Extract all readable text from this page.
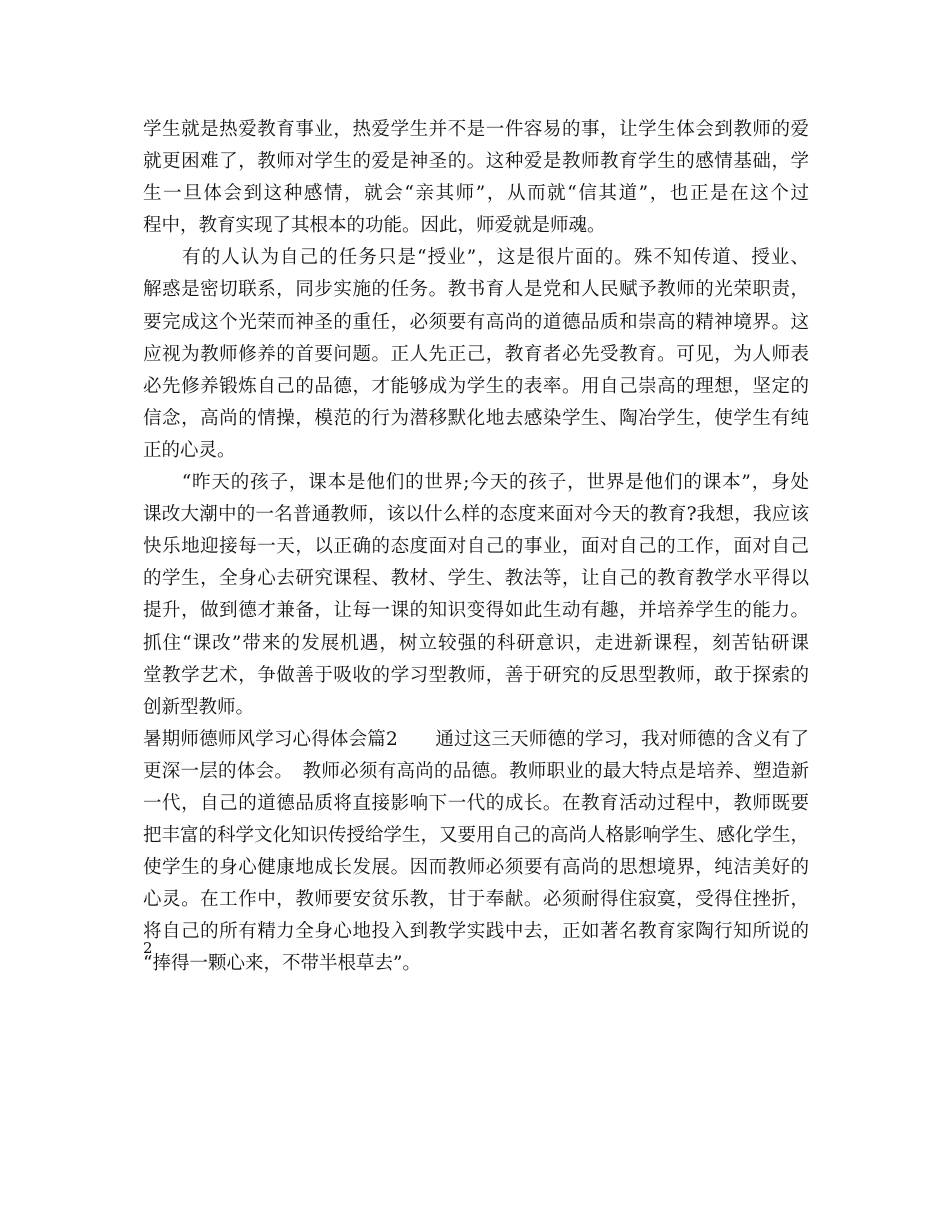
学生就是热爱教育事业，热爱学生并不是一件容易的事，让学生体会到教师的爱
就更困难了，教师对学生的爱是神圣的。这种爱是教师教育学生的感情基础，学
生一旦体会到这种感情，就会“亲其师”，从而就“信其道”，也正是在这个过
程中，教育实现了其根本的功能。因此，师爱就是师魂。
　　有的人认为自己的任务只是“授业”，这是很片面的。殊不知传道、授业、
解惑是密切联系，同步实施的任务。教书育人是党和人民赋予教师的光荣职责，
要完成这个光荣而神圣的重任，必须要有高尚的道德品质和崇高的精神境界。这
应视为教师修养的首要问题。正人先正己，教育者必先受教育。可见，为人师表
必先修养锻炼自己的品德，才能够成为学生的表率。用自己崇高的理想，坚定的
信念，高尚的情操，模范的行为潜移默化地去感染学生、陶冶学生，使学生有纯
正的心灵。
　　“昨天的孩子，课本是他们的世界;今天的孩子，世界是他们的课本”，身处
课改大潮中的一名普通教师，该以什么样的态度来面对今天的教育?我想，我应该
快乐地迎接每一天，以正确的态度面对自己的事业，面对自己的工作，面对自己
的学生，全身心去研究课程、教材、学生、教法等，让自己的教育教学水平得以
提升，做到德才兼备，让每一课的知识变得如此生动有趣，并培养学生的能力。
抓住“课改”带来的发展机遇，树立较强的科研意识，走进新课程，刻苦钻研课
堂教学艺术，争做善于吸收的学习型教师，善于研究的反思型教师，敢于探索的
创新型教师。
暑期师德师风学习心得体会篇2　　通过这三天师德的学习，我对师德的含义有了
更深一层的体会。　教师必须有高尚的品德。教师职业的最大特点是培养、塑造新
一代，自己的道德品质将直接影响下一代的成长。在教育活动过程中，教师既要
把丰富的科学文化知识传授给学生，又要用自己的高尚人格影响学生、感化学生，
使学生的身心健康地成长发展。因而教师必须要有高尚的思想境界，纯洁美好的
心灵。在工作中，教师要安贫乐教，甘于奉献。必须耐得住寂寞，受得住挫折，
将自己的所有精力全身心地投入到教学实践中去，正如著名教育家陶行知所说的
“捧得一颗心来，不带半根草去”。
2
